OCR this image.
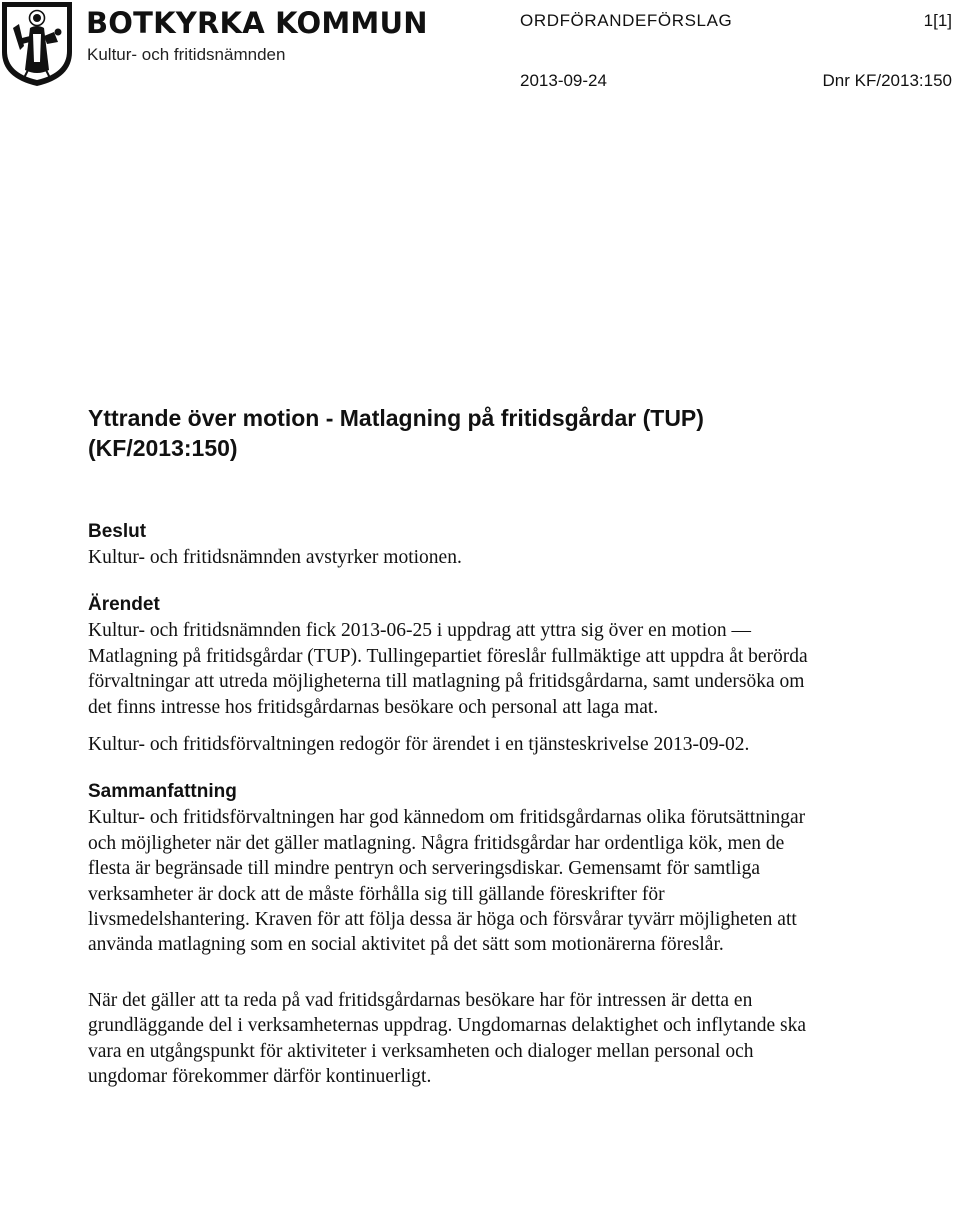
BOTKYRKA KOMMUN
Kultur- och fritidsnämnden
ORDFÖRANDEFÖRSLAG	1[1]
2013-09-24	Dnr KF/2013:150
Yttrande över motion - Matlagning på fritidsgårdar (TUP)
(KF/2013:150)
Beslut

Kultur- och fritidsnämnden avstyrker motionen.

Ärendet

Kultur- och fritidsnämnden fick 2013-06-25 i uppdrag att yttra sig över en motion — Matlagning på fritidsgårdar (TUP). Tullingepartiet föreslår fullmäktige att uppdra åt berörda förvaltningar att utreda möjligheterna till matlagning på fritidsgårdarna, samt undersöka om det finns intresse hos fritidsgårdarnas besökare och personal att laga mat.

Kultur- och fritidsförvaltningen redogör för ärendet i en tjänsteskrivelse 2013-09-02.

Sammanfattning

Kultur- och fritidsförvaltningen har god kännedom om fritidsgårdarnas olika förutsättningar och möjligheter när det gäller matlagning. Några fritidsgårdar har ordentliga kök, men de flesta är begränsade till mindre pentryn och serveringsdiskar. Gemensamt för samtliga verksamheter är dock att de måste förhålla sig till gällande föreskrifter för livsmedelshantering. Kraven för att följa dessa är höga och försvårar tyvärr möjligheten att använda matlagning som en social aktivitet på det sätt som motionärerna föreslår.

När det gäller att ta reda på vad fritidsgårdarnas besökare har för intressen är detta en grundläggande del i verksamheternas uppdrag. Ungdomarnas delaktighet och inflytande ska vara en utgångspunkt för aktiviteter i verksamheten och dialoger mellan personal och ungdomar förekommer därför kontinuerligt.
